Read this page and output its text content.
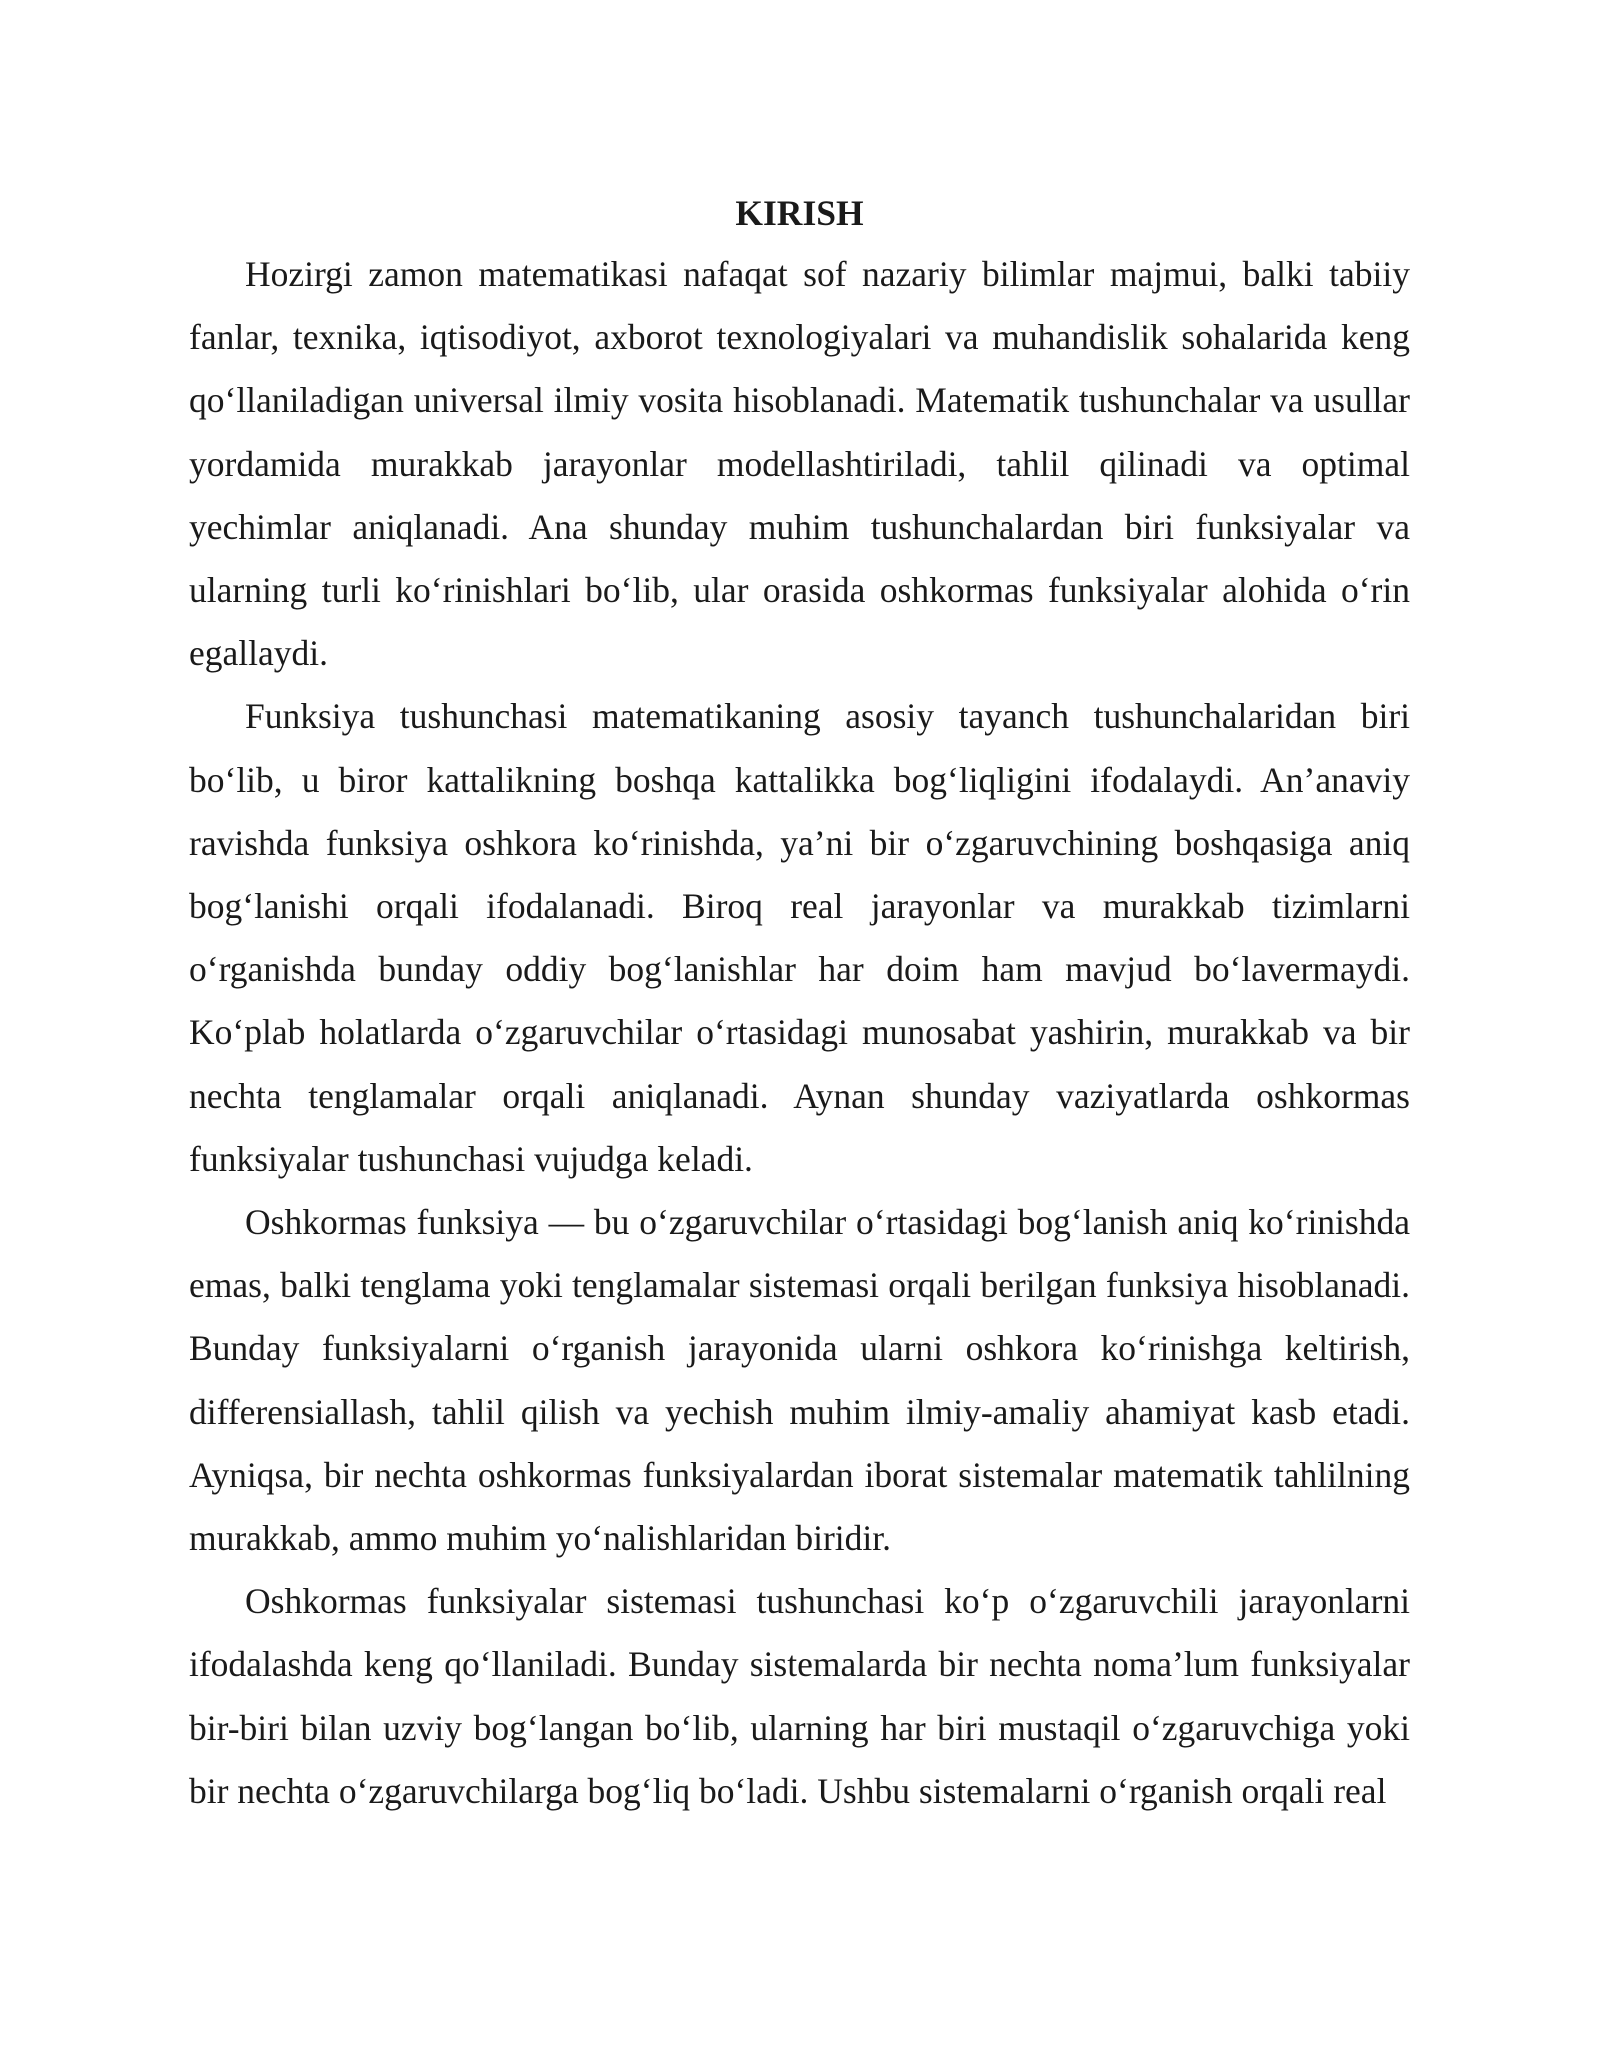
KIRISH

Hozirgi zamon matematikasi nafaqat sof nazariy bilimlar majmui, balki tabiiy fanlar, texnika, iqtisodiyot, axborot texnologiyalari va muhandislik sohalarida keng qo‘llaniladigan universal ilmiy vosita hisoblanadi. Matematik tushunchalar va usullar yordamida murakkab jarayonlar modellashtiriladi, tahlil qilinadi va optimal yechimlar aniqlanadi. Ana shunday muhim tushunchalardan biri funksiyalar va ularning turli ko‘rinishlari bo‘lib, ular orasida oshkormas funksiyalar alohida o‘rin egallaydi.

Funksiya tushunchasi matematikaning asosiy tayanch tushunchalaridan biri bo‘lib, u biror kattalikning boshqa kattalikka bog‘liqligini ifodalaydi. An’anaviy ravishda funksiya oshkora ko‘rinishda, ya’ni bir o‘zgaruvchining boshqasiga aniq bog‘lanishi orqali ifodalanadi. Biroq real jarayonlar va murakkab tizimlarni o‘rganishda bunday oddiy bog‘lanishlar har doim ham mavjud bo‘lavermaydi. Ko‘plab holatlarda o‘zgaruvchilar o‘rtasidagi munosabat yashirin, murakkab va bir nechta tenglamalar orqali aniqlanadi. Aynan shunday vaziyatlarda oshkormas funksiyalar tushunchasi vujudga keladi.

Oshkormas funksiya — bu o‘zgaruvchilar o‘rtasidagi bog‘lanish aniq ko‘rinishda emas, balki tenglama yoki tenglamalar sistemasi orqali berilgan funksiya hisoblanadi. Bunday funksiyalarni o‘rganish jarayonida ularni oshkora ko‘rinishga keltirish, differensiallash, tahlil qilish va yechish muhim ilmiy-amaliy ahamiyat kasb etadi. Ayniqsa, bir nechta oshkormas funksiyalardan iborat sistemalar matematik tahlilning murakkab, ammo muhim yo‘nalishlaridan biridir.

Oshkormas funksiyalar sistemasi tushunchasi ko‘p o‘zgaruvchili jarayonlarni ifodalashda keng qo‘llaniladi. Bunday sistemalarda bir nechta noma’lum funksiyalar bir-biri bilan uzviy bog‘langan bo‘lib, ularning har biri mustaqil o‘zgaruvchiga yoki bir nechta o‘zgaruvchilarga bog‘liq bo‘ladi. Ushbu sistemalarni o‘rganish orqali real
